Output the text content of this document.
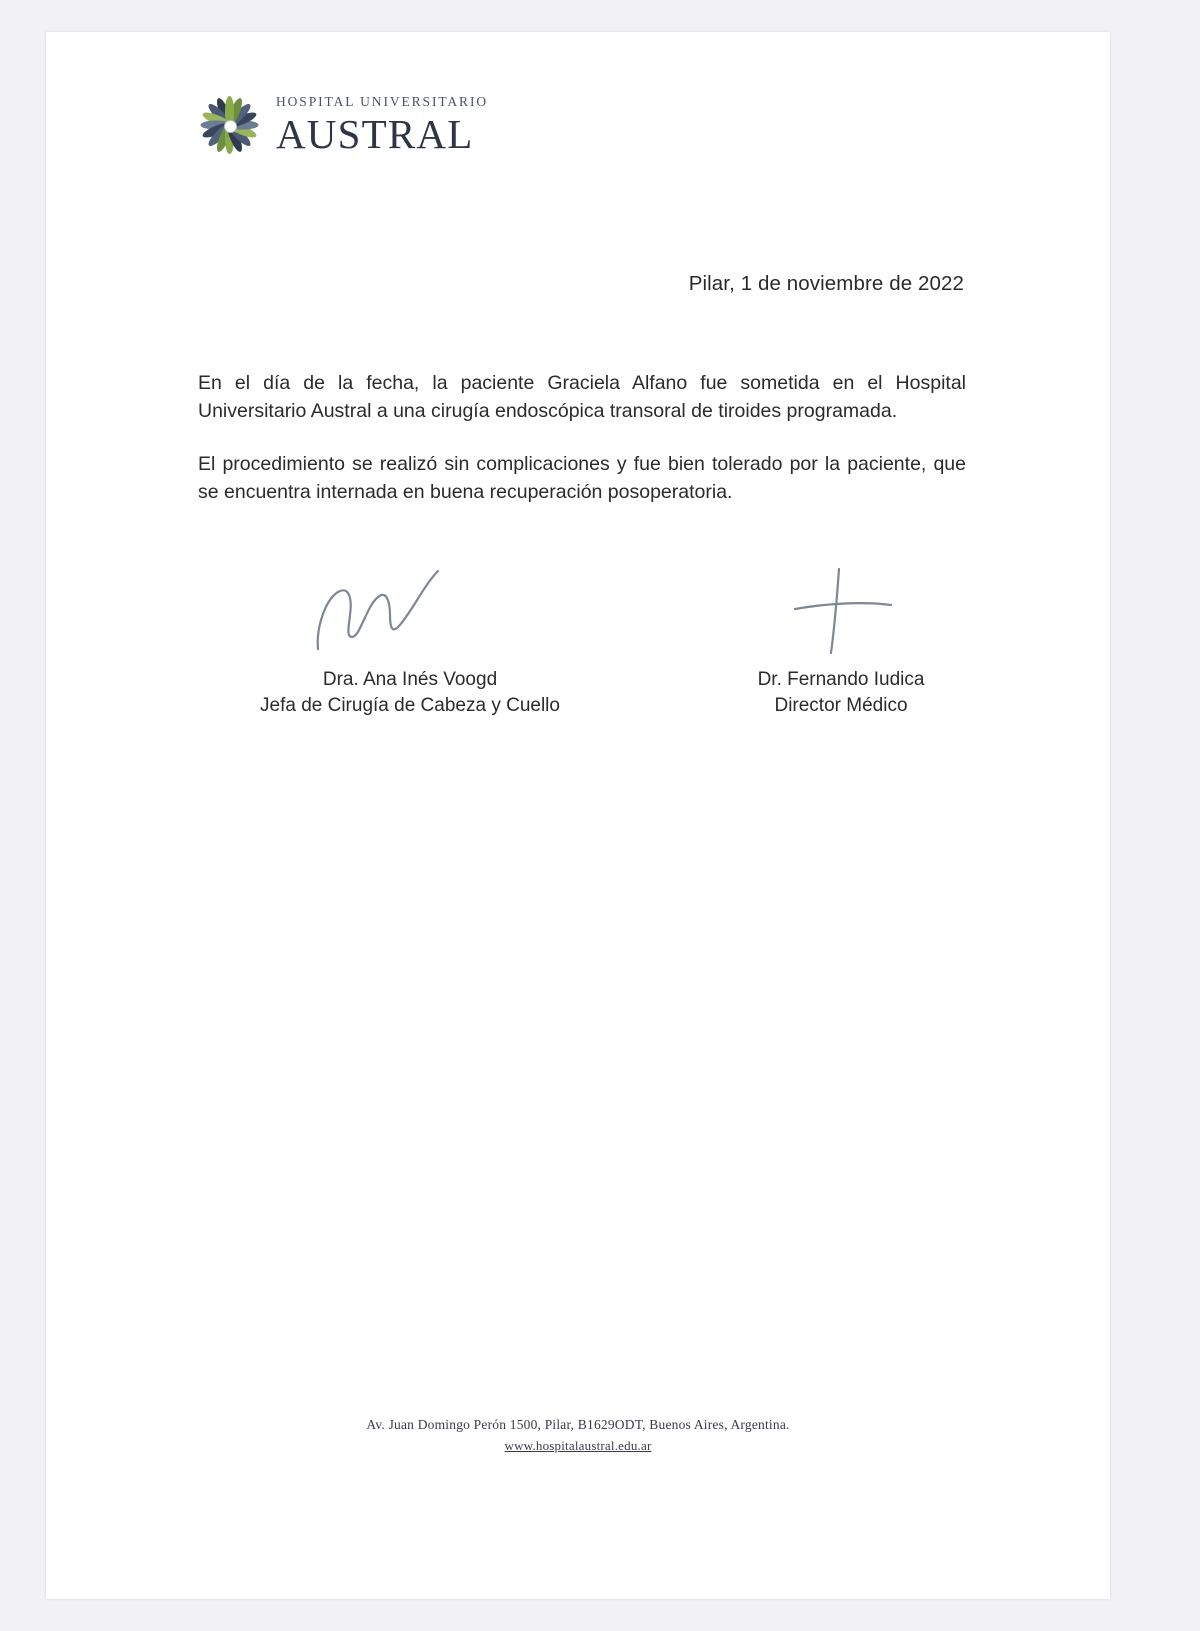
HOSPITAL UNIVERSITARIO
AUSTRAL
Pilar, 1 de noviembre de 2022

En el día de la fecha, la paciente Graciela Alfano fue sometida en el Hospital Universitario Austral a una cirugía endoscópica transoral de tiroides programada.

El procedimiento se realizó sin complicaciones y fue bien tolerado por la paciente, que se encuentra internada en buena recuperación posoperatoria.

Dra. Ana Inés Voogd
Jefa de Cirugía de Cabeza y Cuello
Dr. Fernando Iudica
Director Médico
Av. Juan Domingo Perón 1500, Pilar, B1629ODT, Buenos Aires, Argentina.
www.hospitalaustral.edu.ar
